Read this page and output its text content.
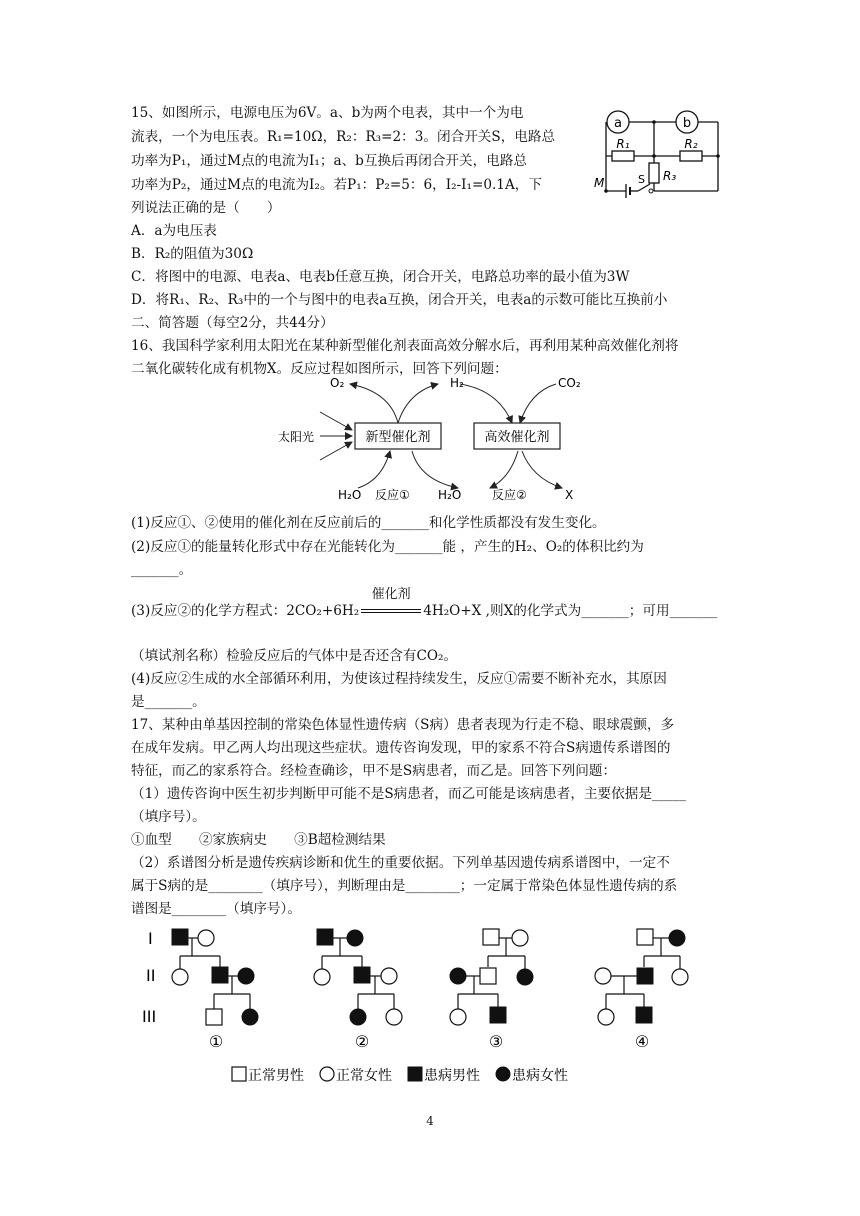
15、如图所示，电源电压为6V。a、b为两个电表，其中一个为电
流表，一个为电压表。R₁=10Ω，R₂：R₃=2：3。闭合开关S，电路总
功率为P₁，通过M点的电流为I₁；a、b互换后再闭合开关，电路总
功率为P₂，通过M点的电流为I₂。若P₁：P₂=5：6，I₂-I₁=0.1A，下
列说法正确的是（　　）
A．a为电压表
B．R₂的阻值为30Ω
C．将图中的电源、电表a、电表b任意互换，闭合开关，电路总功率的最小值为3W
D．将R₁、R₂、R₃中的一个与图中的电表a互换，闭合开关，电表a的示数可能比互换前小
a	b
R₁	R₂
R₃
M	S
二、简答题（每空2分，共44分）
16、我国科学家利用太阳光在某种新型催化剂表面高效分解水后，再利用某种高效催化剂将
二氧化碳转化成有机物X。反应过程如图所示，回答下列问题：
新型催化剂	高效催化剂
O₂	H₂	CO₂
太阳光
H₂O 反应① H₂O	反应②	X
(1)反应①、②使用的催化剂在反应前后的_______和化学性质都没有发生变化。
(2)反应①的能量转化形式中存在光能转化为_______能 ，产生的H₂、O₂的体积比约为
_______。
(3)反应②的化学方程式：2CO₂+6H₂
催化剂
4H₂O+X ,则X的化学式为_______；可用_______
（填试剂名称）检验反应后的气体中是否还含有CO₂。
(4)反应②生成的水全部循环利用，为使该过程持续发生，反应①需要不断补充水，其原因
是_______。
17、某种由单基因控制的常染色体显性遗传病（S病）患者表现为行走不稳、眼球震颤，多
在成年发病。甲乙两人均出现这些症状。遗传咨询发现，甲的家系不符合S病遗传系谱图的
特征，而乙的家系符合。经检查确诊，甲不是S病患者，而乙是。回答下列问题：
（1）遗传咨询中医生初步判断甲可能不是S病患者，而乙可能是该病患者，主要依据是_____
（填序号）。
①血型　　②家族病史　　③B超检测结果
（2）系谱图分析是遗传疾病诊断和优生的重要依据。下列单基因遗传病系谱图中，一定不
属于S病的是________（填序号），判断理由是________；一定属于常染色体显性遗传病的系
谱图是________（填序号）。
I
II
III
①	②	③	④
正常男性 正常女性 患病男性 患病女性
4
